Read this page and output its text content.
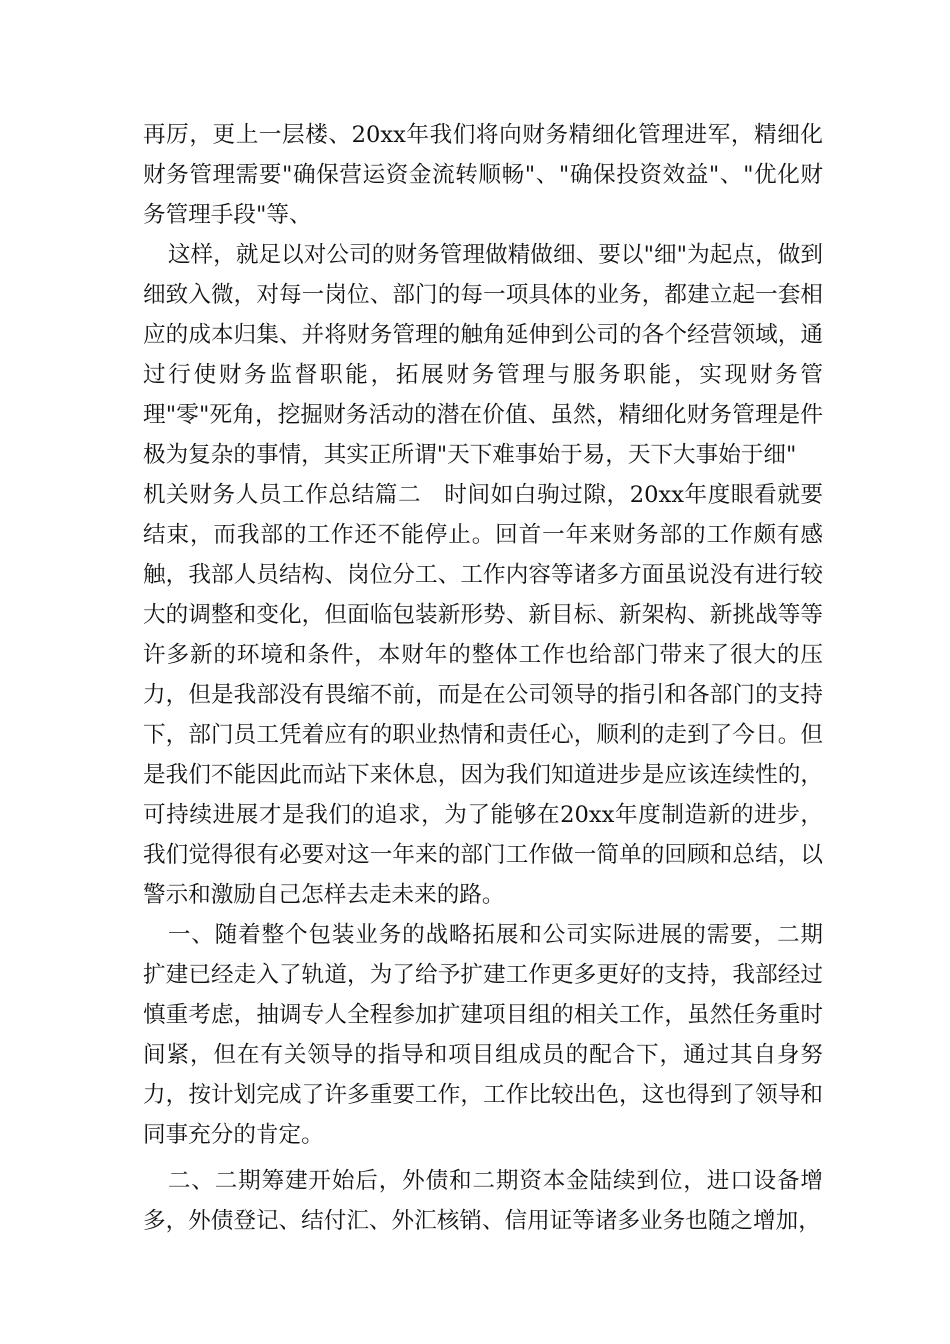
再厉，更上一层楼、20xx年我们将向财务精细化管理进军，精细化财务管理需要"确保营运资金流转顺畅"、"确保投资效益"、"优化财务管理手段"等、

这样，就足以对公司的财务管理做精做细、要以"细"为起点，做到细致入微，对每一岗位、部门的每一项具体的业务，都建立起一套相应的成本归集、并将财务管理的触角延伸到公司的各个经营领域，通过行使财务监督职能，拓展财务管理与服务职能，实现财务管理"零"死角，挖掘财务活动的潜在价值、虽然，精细化财务管理是件极为复杂的事情，其实正所谓"天下难事始于易，天下大事始于细"

机关财务人员工作总结篇二　时间如白驹过隙，20xx年度眼看就要结束，而我部的工作还不能停止。回首一年来财务部的工作颇有感触，我部人员结构、岗位分工、工作内容等诸多方面虽说没有进行较大的调整和变化，但面临包装新形势、新目标、新架构、新挑战等等许多新的环境和条件，本财年的整体工作也给部门带来了很大的压力，但是我部没有畏缩不前，而是在公司领导的指引和各部门的支持下，部门员工凭着应有的职业热情和责任心，顺利的走到了今日。但是我们不能因此而站下来休息，因为我们知道进步是应该连续性的，可持续进展才是我们的追求，为了能够在20xx年度制造新的进步，我们觉得很有必要对这一年来的部门工作做一简单的回顾和总结，以警示和激励自己怎样去走未来的路。

一、随着整个包装业务的战略拓展和公司实际进展的需要，二期扩建已经走入了轨道，为了给予扩建工作更多更好的支持，我部经过慎重考虑，抽调专人全程参加扩建项目组的相关工作，虽然任务重时间紧，但在有关领导的指导和项目组成员的配合下，通过其自身努力，按计划完成了许多重要工作，工作比较出色，这也得到了领导和同事充分的肯定。

二、二期筹建开始后，外债和二期资本金陆续到位，进口设备增多，外债登记、结付汇、外汇核销、信用证等诸多业务也随之增加，
